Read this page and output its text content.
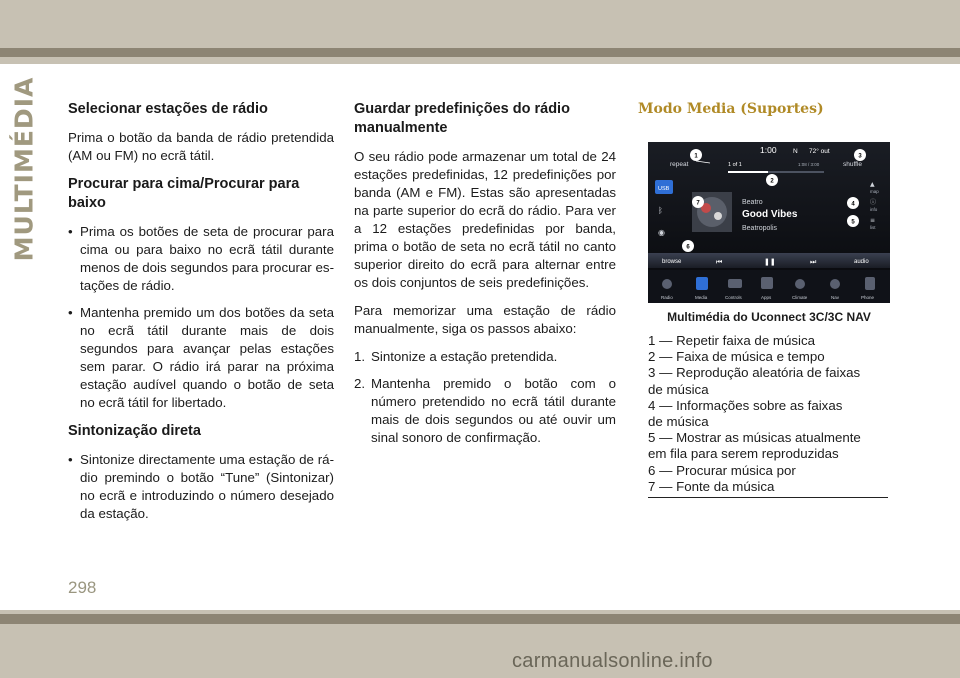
MULTIMÉDIA Selecionar estações de rádio

Prima o botão da banda de rádio pretendida (AM ou FM) no ecrã tátil.

Procurar para cima/Procurar para baixo
• Prima os botões de seta de procurar para cima ou para baixo no ecrã tátil durante menos de dois segundos para procurar estações de rádio.
• Mantenha premido um dos botões da seta no ecrã tátil durante mais de dois segundos para avançar pelas estações sem parar. O rádio irá parar na próxima estação audível quando o botão de seta no ecrã tátil for libertado.
Sintonização direta
• Sintonize directamente uma estação de rádio premindo o botão “Tune” (Sintonizar) no ecrã e introduzindo o número desejado da estação.
Guardar predefinições do rádio manualmente

O seu rádio pode armazenar um total de 24 estações predefinidas, 12 predefinições por banda (AM e FM). Estas são apresentadas na parte superior do ecrã do rádio. Para ver a 12 estações predefinidas por banda, prima o botão de seta no ecrã tátil no canto superior direito do ecrã para alternar entre os dois conjuntos de seis predefinições.

Para memorizar uma estação de rádio manualmente, siga os passos abaixo:

1. Sintonize a estação pretendida.
2. Mantenha premido o botão com o número pretendido no ecrã tátil durante mais de dois segundos ou até ouvir um sinal sonoro de confirmação.
Modo Media (Suportes)
1:00	N 72° out
repeat	shuffle
1 of 1	1:08 / 3:00
USB
ᛒ
◉
Beatro
Good Vibes
Beatropolis
▲
map
ⓘ
info
≡
list
browse	⏮	❚❚	⏭	audio
Radio	Media	Controls	Apps	Climate	Nav	Phone
1
2
3
4
5
6
7
Multimédia do Uconnect 3C/3C NAV
1 — Repetir faixa de música
2 — Faixa de música e tempo
3 — Reprodução aleatória de faixas
de música
4 — Informações sobre as faixas
de música
5 — Mostrar as músicas atualmente
em fila para serem reproduzidas
6 — Procurar música por
7 — Fonte da música
298
carmanualsonline.info
